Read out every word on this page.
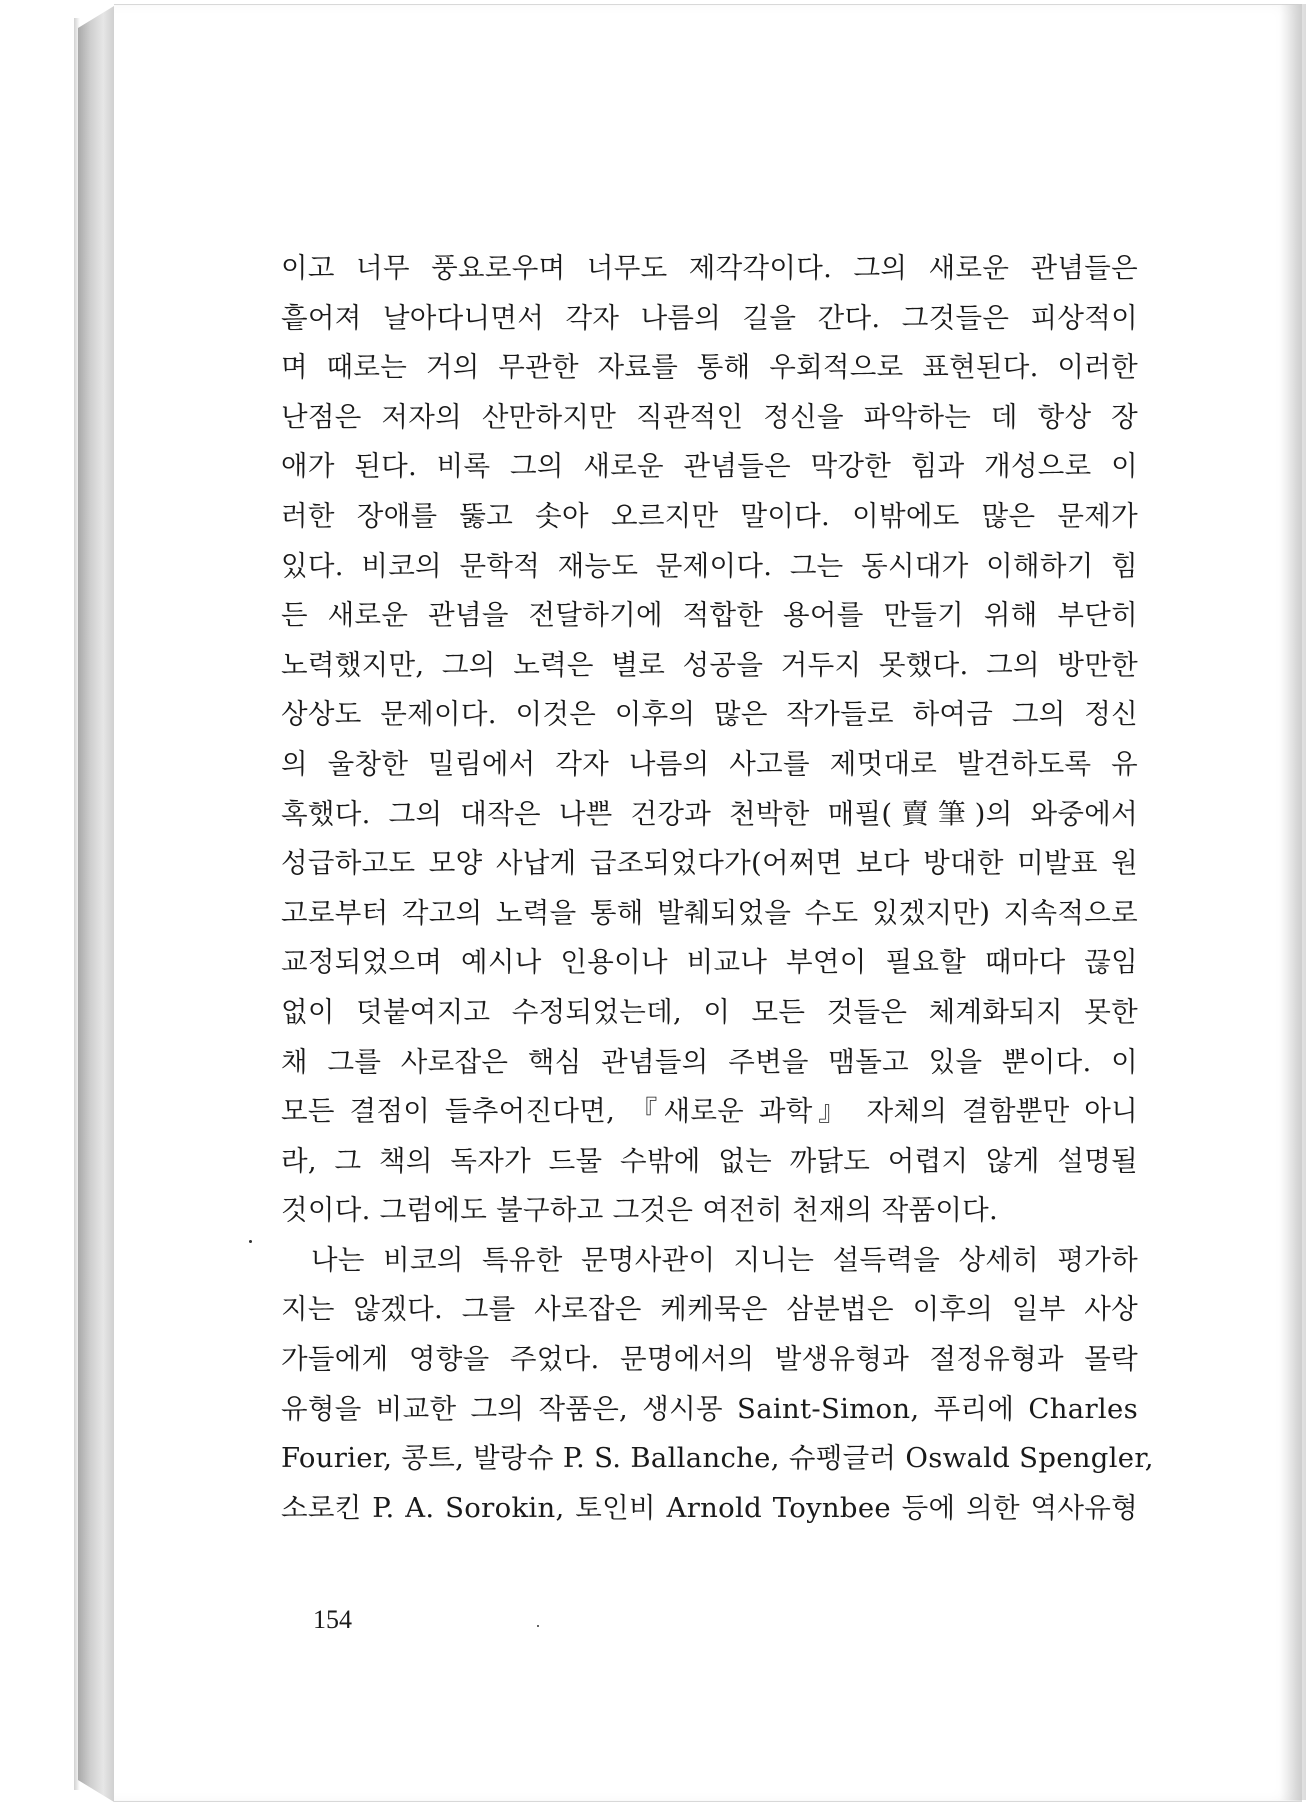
이고 너무 풍요로우며 너무도 제각각이다. 그의 새로운 관념들은
흩어져 날아다니면서 각자 나름의 길을 간다. 그것들은 피상적이
며 때로는 거의 무관한 자료를 통해 우회적으로 표현된다. 이러한
난점은 저자의 산만하지만 직관적인 정신을 파악하는 데 항상 장
애가 된다. 비록 그의 새로운 관념들은 막강한 힘과 개성으로 이
러한 장애를 뚫고 솟아 오르지만 말이다. 이밖에도 많은 문제가
있다. 비코의 문학적 재능도 문제이다. 그는 동시대가 이해하기 힘
든 새로운 관념을 전달하기에 적합한 용어를 만들기 위해 부단히
노력했지만, 그의 노력은 별로 성공을 거두지 못했다. 그의 방만한
상상도 문제이다. 이것은 이후의 많은 작가들로 하여금 그의 정신
의 울창한 밀림에서 각자 나름의 사고를 제멋대로 발견하도록 유
혹했다. 그의 대작은 나쁜 건강과 천박한 매필(賣筆)의 와중에서
성급하고도 모양 사납게 급조되었다가(어쩌면 보다 방대한 미발표 원
고로부터 각고의 노력을 통해 발췌되었을 수도 있겠지만) 지속적으로
교정되었으며 예시나 인용이나 비교나 부연이 필요할 때마다 끊임
없이 덧붙여지고 수정되었는데, 이 모든 것들은 체계화되지 못한
채 그를 사로잡은 핵심 관념들의 주변을 맴돌고 있을 뿐이다. 이
모든 결점이 들추어진다면, 『새로운 과학』 자체의 결함뿐만 아니
라, 그 책의 독자가 드물 수밖에 없는 까닭도 어렵지 않게 설명될
것이다. 그럼에도 불구하고 그것은 여전히 천재의 작품이다.
나는 비코의 특유한 문명사관이 지니는 설득력을 상세히 평가하
지는 않겠다. 그를 사로잡은 케케묵은 삼분법은 이후의 일부 사상
가들에게 영향을 주었다. 문명에서의 발생유형과 절정유형과 몰락
유형을 비교한 그의 작품은, 생시몽 Saint-Simon, 푸리에 Charles
Fourier, 콩트, 발랑슈 P. S. Ballanche, 슈펭글러 Oswald Spengler,
소로킨 P. A. Sorokin, 토인비 Arnold Toynbee 등에 의한 역사유형
154
